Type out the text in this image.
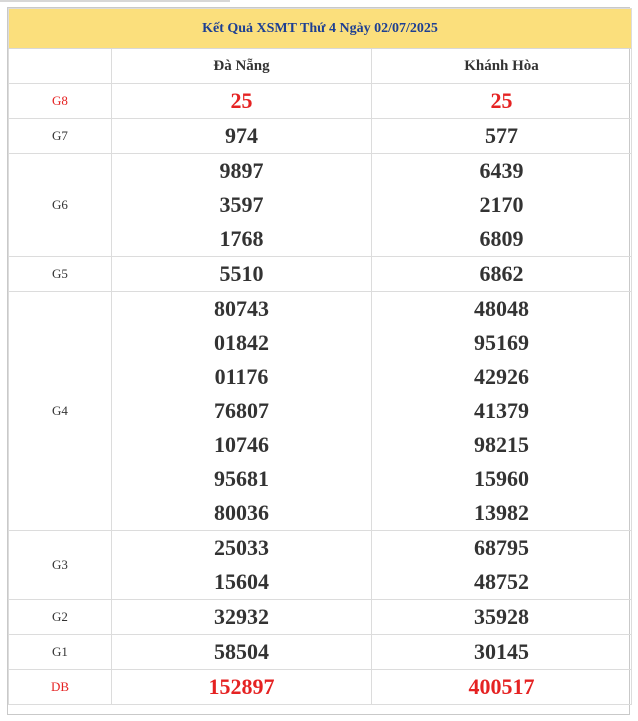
Kết Quả XSMT Thứ 4 Ngày 02/07/2025		
	Đà Nẵng	Khánh Hòa
G8	25	25
G7	974	577
G6	9897	6439
	3597	2170
	1768	6809
G5	5510	6862
G4	80743	48048
	01842	95169
	01176	42926
	76807	41379
	10746	98215
	95681	15960
	80036	13982
G3	25033	68795
	15604	48752
G2	32932	35928
G1	58504	30145
DB	152897	400517
